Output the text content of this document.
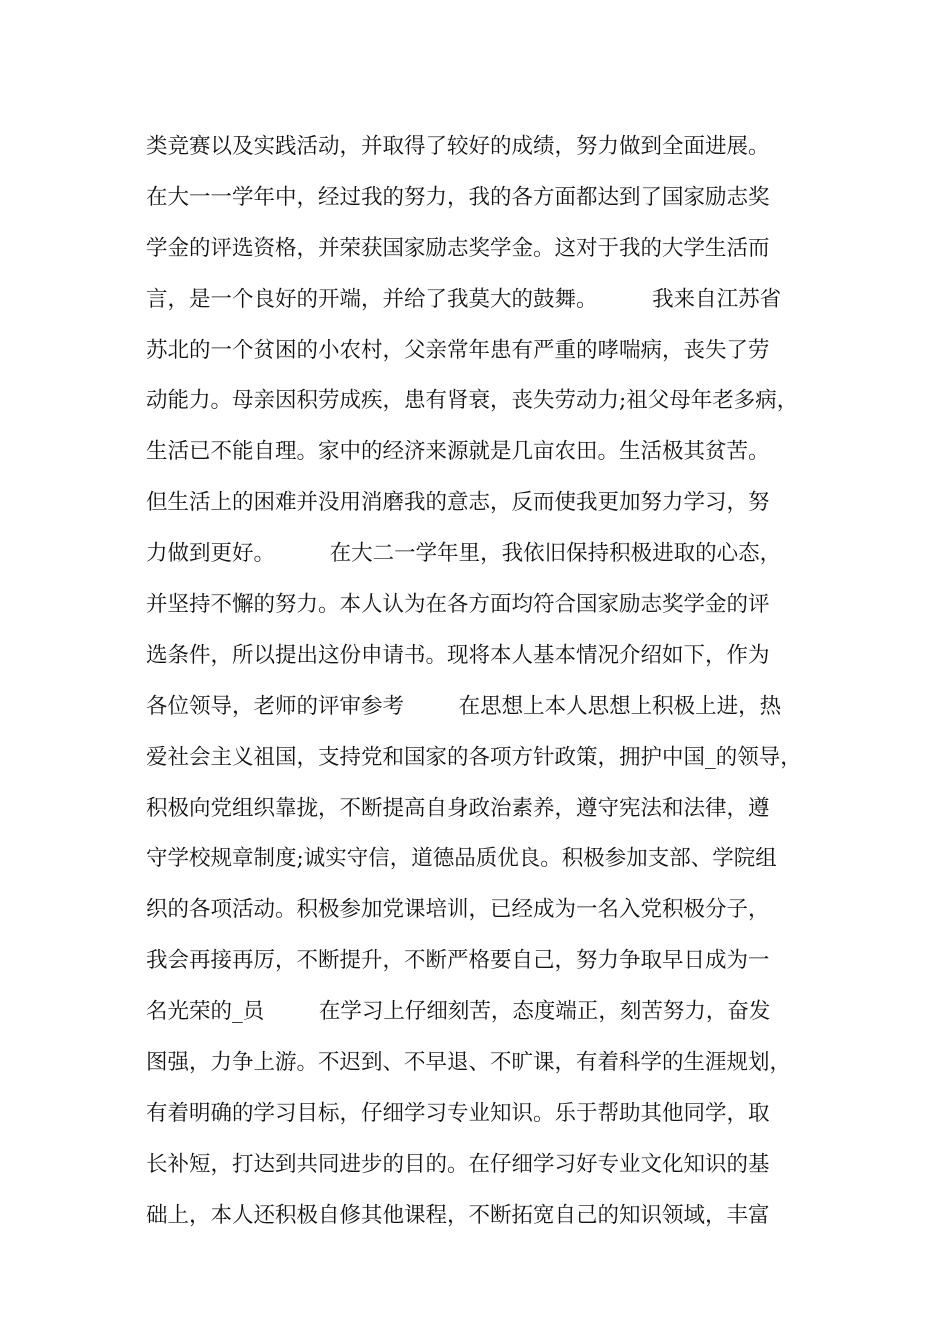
类竞赛以及实践活动，并取得了较好的成绩，努力做到全面进展。
在大一一学年中，经过我的努力，我的各方面都达到了国家励志奖
学金的评选资格，并荣获国家励志奖学金。这对于我的大学生活而
言，是一个良好的开端，并给了我莫大的鼓舞。        我来自江苏省
苏北的一个贫困的小农村，父亲常年患有严重的哮喘病，丧失了劳
动能力。母亲因积劳成疾，患有肾衰，丧失劳动力;祖父母年老多病，
生活已不能自理。家中的经济来源就是几亩农田。生活极其贫苦。
但生活上的困难并没用消磨我的意志，反而使我更加努力学习，努
力做到更好。        在大二一学年里，我依旧保持积极进取的心态，
并坚持不懈的努力。本人认为在各方面均符合国家励志奖学金的评
选条件，所以提出这份申请书。现将本人基本情况介绍如下，作为
各位领导，老师的评审参考        在思想上本人思想上积极上进，热
爱社会主义祖国，支持党和国家的各项方针政策，拥护中国_的领导，
积极向党组织靠拢，不断提高自身政治素养，遵守宪法和法律，遵
守学校规章制度;诚实守信，道德品质优良。积极参加支部、学院组
织的各项活动。积极参加党课培训，已经成为一名入党积极分子，
我会再接再厉，不断提升，不断严格要自己，努力争取早日成为一
名光荣的_员        在学习上仔细刻苦，态度端正，刻苦努力，奋发
图强，力争上游。不迟到、不早退、不旷课，有着科学的生涯规划，
有着明确的学习目标，仔细学习专业知识。乐于帮助其他同学，取
长补短，打达到共同进步的目的。在仔细学习好专业文化知识的基
础上，本人还积极自修其他课程，不断拓宽自己的知识领域，丰富
